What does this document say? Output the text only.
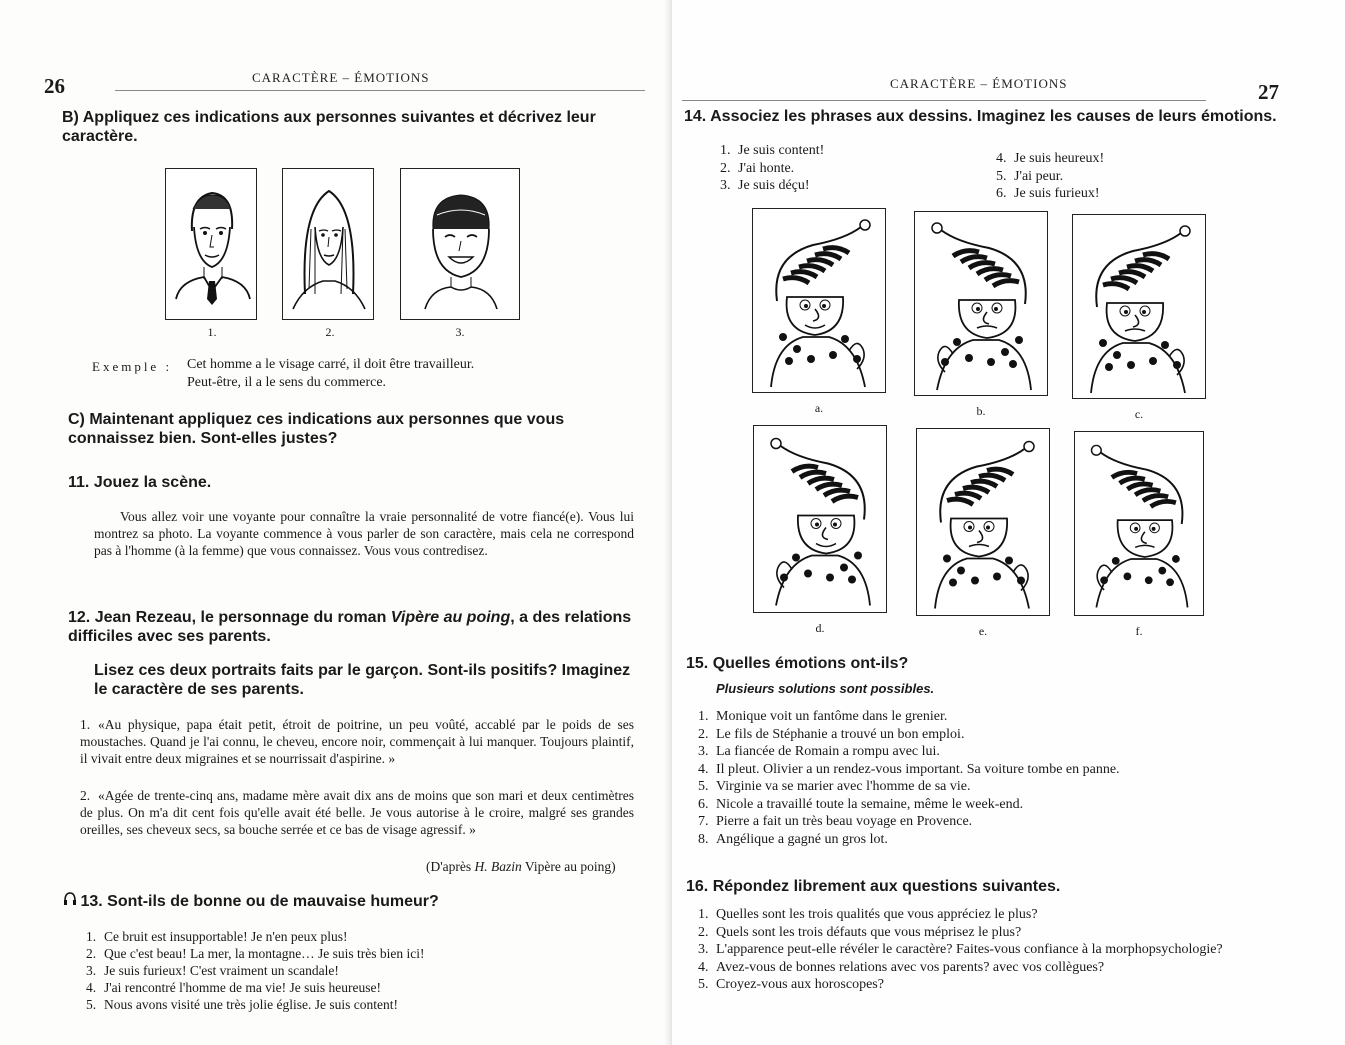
26	CARACTÈRE – ÉMOTIONS
B) Appliquez ces indications aux personnes suivantes et décrivez leur caractère.
1.	2.	3.
Exemple : Cet homme a le visage carré, il doit être travailleur.
Peut-être, il a le sens du commerce.
C) Maintenant appliquez ces indications aux personnes que vous connaissez bien. Sont-elles justes?
11. Jouez la scène.
Vous allez voir une voyante pour connaître la vraie personnalité de votre fiancé(e). Vous lui montrez sa photo. La voyante commence à vous parler de son caractère, mais cela ne correspond pas à l'homme (à la femme) que vous connaissez. Vous vous contredisez.
12. Jean Rezeau, le personnage du roman Vipère au poing, a des relations difficiles avec ses parents.
Lisez ces deux portraits faits par le garçon. Sont-ils positifs? Imaginez le caractère de ses parents.
1. «Au physique, papa était petit, étroit de poitrine, un peu voûté, accablé par le poids de ses moustaches. Quand je l'ai connu, le cheveu, encore noir, commençait à lui manquer. Toujours plaintif, il vivait entre deux migraines et se nourrissait d'aspirine. »
2. «Agée de trente-cinq ans, madame mère avait dix ans de moins que son mari et deux centimètres de plus. On m'a dit cent fois qu'elle avait été belle. Je vous autorise à le croire, malgré ses grandes oreilles, ses cheveux secs, sa bouche serrée et ce bas de visage agressif. »
(D'après H. Bazin Vipère au poing)
13. Sont-ils de bonne ou de mauvaise humeur?
1. Ce bruit est insupportable! Je n'en peux plus!
2. Que c'est beau! La mer, la montagne… Je suis très bien ici!
3. Je suis furieux! C'est vraiment un scandale!
4. J'ai rencontré l'homme de ma vie! Je suis heureuse!
5. Nous avons visité une très jolie église. Je suis content!
CARACTÈRE – ÉMOTIONS	27
14. Associez les phrases aux dessins. Imaginez les causes de leurs émotions.
1. Je suis content!
2. J'ai honte.
3. Je suis déçu!
4. Je suis heureux!
5. J'ai peur.
6. Je suis furieux!
a.	b.	c.
d.	e.	f.
15. Quelles émotions ont-ils?
Plusieurs solutions sont possibles.
1. Monique voit un fantôme dans le grenier.
2. Le fils de Stéphanie a trouvé un bon emploi.
3. La fiancée de Romain a rompu avec lui.
4. Il pleut. Olivier a un rendez-vous important. Sa voiture tombe en panne.
5. Virginie va se marier avec l'homme de sa vie.
6. Nicole a travaillé toute la semaine, même le week-end.
7. Pierre a fait un très beau voyage en Provence.
8. Angélique a gagné un gros lot.
16. Répondez librement aux questions suivantes.
1. Quelles sont les trois qualités que vous appréciez le plus?
2. Quels sont les trois défauts que vous méprisez le plus?
3. L'apparence peut-elle révéler le caractère? Faites-vous confiance à la morphopsychologie?
4. Avez-vous de bonnes relations avec vos parents? avec vos collègues?
5. Croyez-vous aux horoscopes?
